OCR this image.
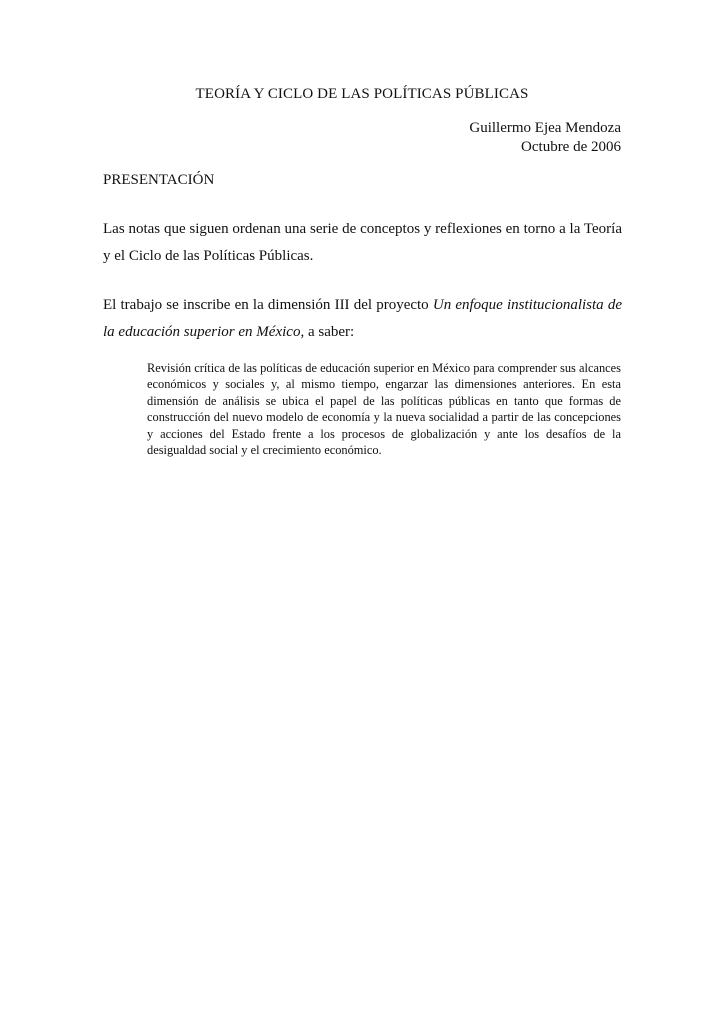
TEORÍA Y CICLO DE LAS POLÍTICAS PÚBLICAS
Guillermo Ejea Mendoza
Octubre de 2006
PRESENTACIÓN
Las notas que siguen ordenan una serie de conceptos y reflexiones en torno a la Teoría y el Ciclo de las Políticas Públicas.
El trabajo se inscribe en la dimensión III del proyecto Un enfoque institucionalista de la educación superior en México, a saber:
Revisión crítica de las políticas de educación superior en México para comprender sus alcances económicos y sociales y, al mismo tiempo, engarzar las dimensiones anteriores. En esta dimensión de análisis se ubica el papel de las políticas públicas en tanto que formas de construcción del nuevo modelo de economía y la nueva socialidad a partir de las concepciones y acciones del Estado frente a los procesos de globalización y ante los desafíos de la desigualdad social y el crecimiento económico.
